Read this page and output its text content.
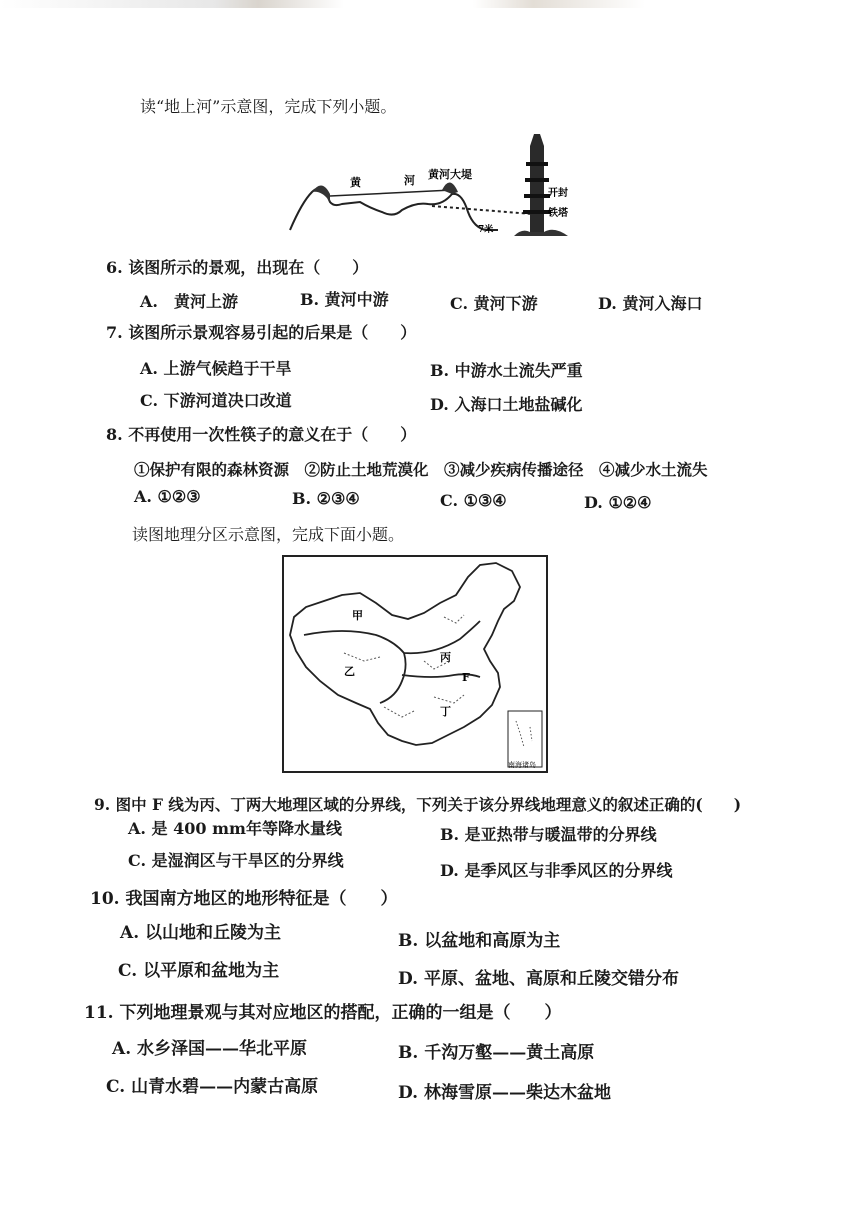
读“地上河”示意图，完成下列小题。
黄	河 黄河大堤
开封
铁塔
7米
6. 该图所示的景观，出现在（　　）
A.　黄河上游	B. 黄河中游	C. 黄河下游	D. 黄河入海口
7. 该图所示景观容易引起的后果是（　　）
A. 上游气候趋于干旱	B. 中游水土流失严重
C. 下游河道决口改道	D. 入海口土地盐碱化
8. 不再使用一次性筷子的意义在于（　　）
①保护有限的森林资源　②防止土地荒漠化　③减少疾病传播途径　④减少水土流失
A. ①②③	B. ②③④	C. ①③④	D. ①②④
读图地理分区示意图，完成下面小题。
甲
乙
丙
丁
F
南海诸岛
9. 图中 F 线为丙、丁两大地理区域的分界线，下列关于该分界线地理意义的叙述正确的(　　)
A. 是 400 mm年等降水量线	B. 是亚热带与暖温带的分界线
C. 是湿润区与干旱区的分界线
D. 是季风区与非季风区的分界线
10. 我国南方地区的地形特征是（　　）
A. 以山地和丘陵为主	B. 以盆地和高原为主
C. 以平原和盆地为主	D. 平原、盆地、高原和丘陵交错分布
11. 下列地理景观与其对应地区的搭配，正确的一组是（　　）
A. 水乡泽国——华北平原	B. 千沟万壑——黄土高原
C. 山青水碧——内蒙古高原	D. 林海雪原——柴达木盆地
